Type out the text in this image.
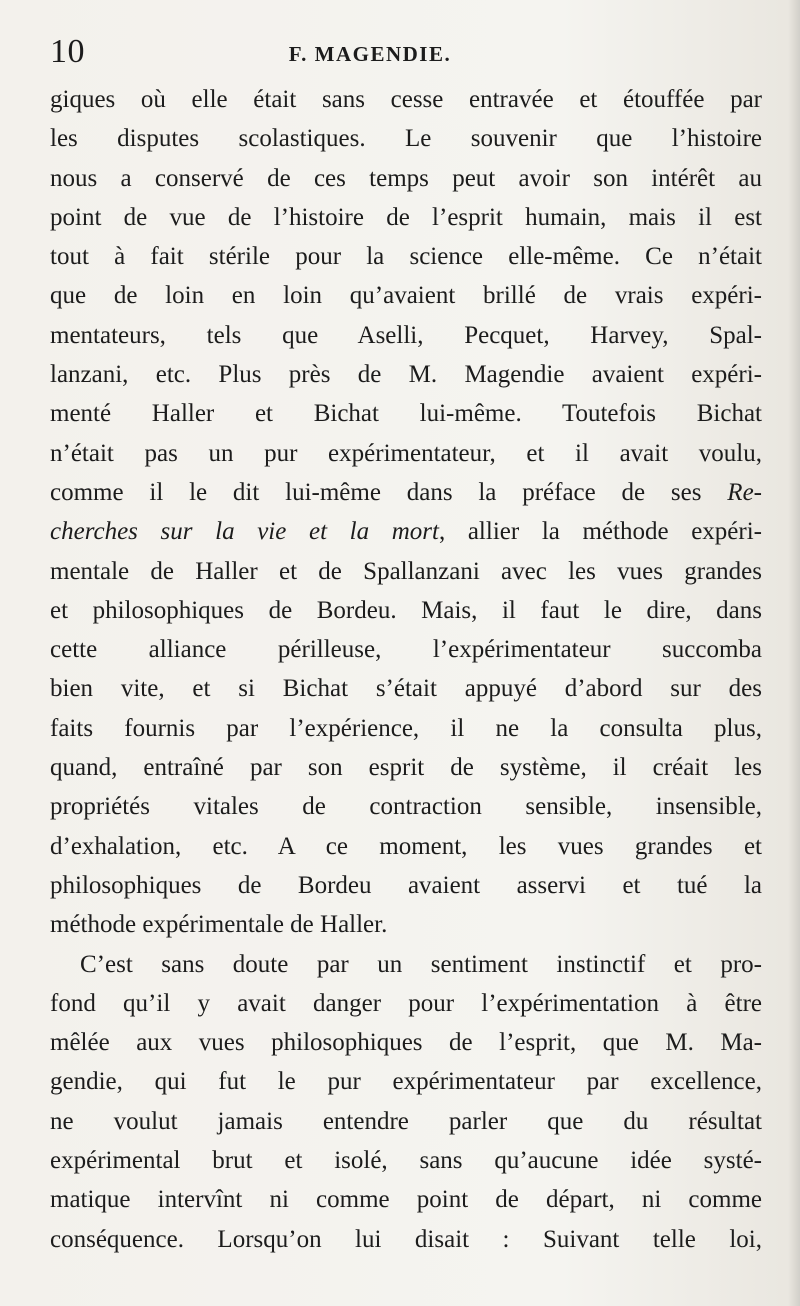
10	F. MAGENDIE.
giques où elle était sans cesse entravée et étouffée par
les disputes scolastiques. Le souvenir que l’histoire
nous a conservé de ces temps peut avoir son intérêt au
point de vue de l’histoire de l’esprit humain, mais il est
tout à fait stérile pour la science elle-même. Ce n’était
que de loin en loin qu’avaient brillé de vrais expéri-
mentateurs, tels que Aselli, Pecquet, Harvey, Spal-
lanzani, etc. Plus près de M. Magendie avaient expéri-
menté Haller et Bichat lui-même. Toutefois Bichat
n’était pas un pur expérimentateur, et il avait voulu,
comme il le dit lui-même dans la préface de ses Re-
cherches sur la vie et la mort, allier la méthode expéri-
mentale de Haller et de Spallanzani avec les vues grandes
et philosophiques de Bordeu. Mais, il faut le dire, dans
cette alliance périlleuse, l’expérimentateur succomba
bien vite, et si Bichat s’était appuyé d’abord sur des
faits fournis par l’expérience, il ne la consulta plus,
quand, entraîné par son esprit de système, il créait les
propriétés vitales de contraction sensible, insensible,
d’exhalation, etc. A ce moment, les vues grandes et
philosophiques de Bordeu avaient asservi et tué la
méthode expérimentale de Haller.
C’est sans doute par un sentiment instinctif et pro-
fond qu’il y avait danger pour l’expérimentation à être
mêlée aux vues philosophiques de l’esprit, que M. Ma-
gendie, qui fut le pur expérimentateur par excellence,
ne voulut jamais entendre parler que du résultat
expérimental brut et isolé, sans qu’aucune idée systé-
matique intervînt ni comme point de départ, ni comme
conséquence. Lorsqu’on lui disait : Suivant telle loi,
